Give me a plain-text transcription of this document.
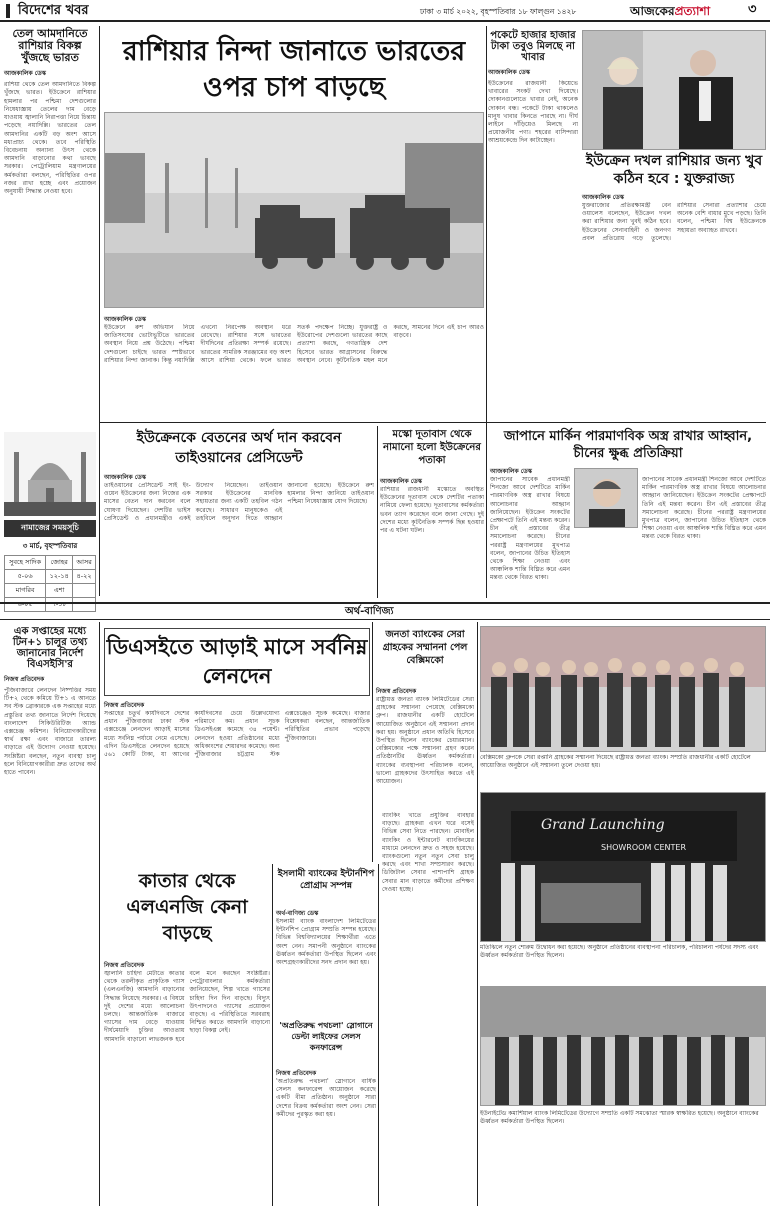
বিদেশের খবর	ঢাকা ৩ মার্চ ২০২২, বৃহস্পতিবার ১৮ ফাল্গুন ১৪২৮	আজকেরপ্রত্যাশা	৩
তেল আমদানিতে রাশিয়ার বিকল্প খুঁজছে ভারত
আজকালিক ডেস্ক
রাশিয়া থেকে তেল আমদানিতে বিকল্প খুঁজছে ভারত। ইউক্রেনে রাশিয়ার হামলার পর পশ্চিমা দেশগুলোর নিষেধাজ্ঞায় তেলের দাম বেড়ে যাওয়ায় জ্বালানি নিরাপত্তা নিয়ে চিন্তায় পড়েছে নয়াদিল্লি। ভারতের তেল আমদানির একটি বড় অংশ আসে মধ্যপ্রাচ্য থেকে। তবে পরিস্থিতি বিবেচনায় অন্যান্য উৎস থেকে আমদানি বাড়ানোর কথা ভাবছে সরকার। পেট্রোলিয়াম মন্ত্রণালয়ের কর্মকর্তারা বলছেন, পরিস্থিতির ওপর নজর রাখা হচ্ছে এবং প্রয়োজন অনুযায়ী সিদ্ধান্ত নেওয়া হবে।
নামাজের সময়সূচি
৩ মার্চ, বৃহস্পতিবার
সুবহে সাদিক	জোহর	আসর
৫-০৬	১২-১৪	৪-২২
মাগরিব	এশা	
৬-০৫	৭-১৮	
রাশিয়ার নিন্দা জানাতে ভারতের ওপর চাপ বাড়ছে
আজকালিক ডেস্ক
ইউক্রেনে রুশ অভিযান নিয়ে জাতিসংঘের ভোটাভুটিতে ভারতের অবস্থান নিয়ে প্রশ্ন উঠেছে। পশ্চিমা দেশগুলো চাইছে ভারত স্পষ্টভাবে রাশিয়ার নিন্দা জানাক। কিন্তু নয়াদিল্লি এখনো নিরপেক্ষ অবস্থান ধরে রেখেছে। রাশিয়ার সঙ্গে ভারতের দীর্ঘদিনের প্রতিরক্ষা সম্পর্ক রয়েছে। ভারতের সামরিক সরঞ্জামের বড় অংশ আসে রাশিয়া থেকে। ফলে ভারত সতর্ক পদক্ষেপ নিচ্ছে। যুক্তরাষ্ট্র ও ইউরোপের দেশগুলো ভারতের কাছে প্রত্যাশা করছে, গণতান্ত্রিক দেশ হিসেবে ভারত আগ্রাসনের বিরুদ্ধে অবস্থান নেবে। কূটনৈতিক মহল মনে করছে, সামনের দিনে এই চাপ আরও বাড়বে।
পকেটে হাজার হাজার টাকা তবুও মিলছে না খাবার
আজকালিক ডেস্ক
ইউক্রেনের রাজধানী কিয়েভে খাবারের সংকট দেখা দিয়েছে। দোকানগুলোতে খাবার নেই, অনেক দোকান বন্ধ। পকেটে টাকা থাকলেও মানুষ খাবার কিনতে পারছে না। দীর্ঘ লাইনে দাঁড়িয়েও মিলছে না প্রয়োজনীয় পণ্য। শহরের বাসিন্দারা আশ্রয়কেন্দ্রে দিন কাটাচ্ছেন।
ইউক্রেন দখল রাশিয়ার জন্য খুব কঠিন হবে : যুক্তরাজ্য
আজকালিক ডেস্ক
যুক্তরাজ্যের প্রতিরক্ষামন্ত্রী বেন ওয়ালেস বলেছেন, ইউক্রেন দখল করা রাশিয়ার জন্য খুবই কঠিন হবে। ইউক্রেনের সেনাবাহিনী ও জনগণ প্রবল প্রতিরোধ গড়ে তুলেছে। রাশিয়ার সেনারা প্রত্যাশার চেয়ে অনেক বেশি বাধার মুখে পড়ছে। তিনি বলেন, পশ্চিমা বিশ্ব ইউক্রেনকে সহায়তা অব্যাহত রাখবে।
ইউক্রেনকে বেতনের অর্থ দান করবেন তাইওয়ানের প্রেসিডেন্ট
আজকালিক ডেস্ক
তাইওয়ানের প্রেসিডেন্ট সাই ইং-ওয়েন ইউক্রেনের জন্য নিজের এক মাসের বেতন দান করবেন বলে ঘোষণা দিয়েছেন। দেশটির ভাইস প্রেসিডেন্ট ও প্রধানমন্ত্রীও একই উদ্যোগ নিয়েছেন। তাইওয়ান সরকার ইউক্রেনের মানবিক সহায়তার জন্য একটি তহবিল গঠন করেছে। সাধারণ মানুষকেও এই তহবিলে অনুদান দিতে আহ্বান জানানো হয়েছে। ইউক্রেনে রুশ হামলার নিন্দা জানিয়ে তাইওয়ান পশ্চিমা নিষেধাজ্ঞায় যোগ দিয়েছে।
মস্কো দূতাবাস থেকে নামানো হলো ইউক্রেনের পতাকা
আজকালিক ডেস্ক
রাশিয়ার রাজধানী মস্কোতে অবস্থিত ইউক্রেনের দূতাবাস থেকে দেশটির পতাকা নামিয়ে ফেলা হয়েছে। দূতাবাসের কর্মকর্তারা ভবন ত্যাগ করেছেন বলে জানা গেছে। দুই দেশের মধ্যে কূটনৈতিক সম্পর্ক ছিন্ন হওয়ার পর এ ঘটনা ঘটল।
জাপানে মার্কিন পারমাণবিক অস্ত্র রাখার আহ্বান, চীনের ক্ষুব্ধ প্রতিক্রিয়া
আজকালিক ডেস্ক
জাপানের সাবেক প্রধানমন্ত্রী শিনজো আবে দেশটিতে মার্কিন পারমাণবিক অস্ত্র রাখার বিষয়ে আলোচনার আহ্বান জানিয়েছেন। ইউক্রেন সংকটের প্রেক্ষাপটে তিনি এই মন্তব্য করেন। চীন এই প্রস্তাবের তীব্র সমালোচনা করেছে। চীনের পররাষ্ট্র মন্ত্রণালয়ের মুখপাত্র বলেন, জাপানের উচিত ইতিহাস থেকে শিক্ষা নেওয়া এবং আঞ্চলিক শান্তি বিঘ্নিত করে এমন মন্তব্য থেকে বিরত থাকা।
জাপানের সাবেক প্রধানমন্ত্রী শিনজো আবে দেশটিতে মার্কিন পারমাণবিক অস্ত্র রাখার বিষয়ে আলোচনার আহ্বান জানিয়েছেন। ইউক্রেন সংকটের প্রেক্ষাপটে তিনি এই মন্তব্য করেন। চীন এই প্রস্তাবের তীব্র সমালোচনা করেছে। চীনের পররাষ্ট্র মন্ত্রণালয়ের মুখপাত্র বলেন, জাপানের উচিত ইতিহাস থেকে শিক্ষা নেওয়া এবং আঞ্চলিক শান্তি বিঘ্নিত করে এমন মন্তব্য থেকে বিরত থাকা।
অর্থ-বাণিজ্য
এক সপ্তাহের মধ্যে টিন+১ চালুর তথ্য জানানোর নির্দেশ বিএসইসি'র
নিজস্ব প্রতিবেদক
পুঁজিবাজারে লেনদেন নিষ্পত্তির সময় টি+২ থেকে কমিয়ে টি+১ এ আনতে সব স্টক ব্রোকারকে এক সপ্তাহের মধ্যে প্রস্তুতির তথ্য জানাতে নির্দেশ দিয়েছে বাংলাদেশ সিকিউরিটিজ অ্যান্ড এক্সচেঞ্জ কমিশন। বিনিয়োগকারীদের স্বার্থ রক্ষা এবং বাজারে তারল্য বাড়াতে এই উদ্যোগ নেওয়া হয়েছে। সংশ্লিষ্টরা বলছেন, নতুন ব্যবস্থা চালু হলে বিনিয়োগকারীরা দ্রুত তাদের অর্থ হাতে পাবেন।
ডিএসইতে আড়াই মাসে সর্বনিম্ন লেনদেন
নিজস্ব প্রতিবেদক
সপ্তাহের চতুর্থ কার্যদিবসে দেশের প্রধান পুঁজিবাজার ঢাকা স্টক এক্সচেঞ্জে লেনদেন আড়াই মাসের মধ্যে সর্বনিম্ন পর্যায়ে নেমে এসেছে। এদিন ডিএসইতে লেনদেন হয়েছে ৫৬১ কোটি টাকা, যা আগের কার্যদিবসের চেয়ে উল্লেখযোগ্য পরিমাণে কম। প্রধান সূচক ডিএসইএক্স কমেছে ৩৪ পয়েন্ট। লেনদেন হওয়া প্রতিষ্ঠানের মধ্যে অধিকাংশের শেয়ারদর কমেছে। অন্য পুঁজিবাজার চট্টগ্রাম স্টক এক্সচেঞ্জেও সূচক কমেছে। বাজার বিশ্লেষকরা বলছেন, আন্তর্জাতিক পরিস্থিতির প্রভাব পড়েছে পুঁজিবাজারে।
কাতার থেকে এলএনজি কেনা বাড়ছে
নিজস্ব প্রতিবেদক
জ্বালানি চাহিদা মেটাতে কাতার থেকে তরলীকৃত প্রাকৃতিক গ্যাস (এলএনজি) আমদানি বাড়ানোর সিদ্ধান্ত নিয়েছে সরকার। এ বিষয়ে দুই দেশের মধ্যে আলোচনা চলছে। আন্তর্জাতিক বাজারে গ্যাসের দাম বেড়ে যাওয়ায় দীর্ঘমেয়াদি চুক্তির আওতায় আমদানি বাড়ানো লাভজনক হবে বলে মনে করছেন সংশ্লিষ্টরা। পেট্রোবাংলার কর্মকর্তারা জানিয়েছেন, শিল্প খাতে গ্যাসের চাহিদা দিন দিন বাড়ছে। বিদ্যুৎ উৎপাদনেও গ্যাসের প্রয়োজন বাড়ছে। এ পরিস্থিতিতে সরবরাহ নিশ্চিত করতে আমদানি বাড়ানো ছাড়া বিকল্প নেই।
ইসলামী ব্যাংকের ইন্টার্নশিপ প্রোগ্রাম সম্পন্ন
অর্থ-বাণিজ্য ডেস্ক
ইসলামী ব্যাংক বাংলাদেশ লিমিটেডের ইন্টার্নশিপ প্রোগ্রাম সম্প্রতি সম্পন্ন হয়েছে। বিভিন্ন বিশ্ববিদ্যালয়ের শিক্ষার্থীরা এতে অংশ নেন। সমাপনী অনুষ্ঠানে ব্যাংকের ঊর্ধ্বতন কর্মকর্তারা উপস্থিত ছিলেন এবং অংশগ্রহণকারীদের সনদ প্রদান করা হয়।
'অপ্রতিরুদ্ধ পথচলা' স্লোগানে ডেল্টা লাইফের সেলস কনফারেন্স
নিজস্ব প্রতিবেদক
'অপ্রতিরুদ্ধ পথচলা' স্লোগানে বার্ষিক সেলস কনফারেন্স আয়োজন করেছে একটি বীমা প্রতিষ্ঠান। অনুষ্ঠানে সারা দেশের বিক্রয় কর্মকর্তারা অংশ নেন। সেরা কর্মীদের পুরস্কৃত করা হয়।
জনতা ব্যাংকের সেরা গ্রাহকের সম্মাননা পেল বেক্সিমকো
নিজস্ব প্রতিবেদক
রাষ্ট্রায়ত্ত জনতা ব্যাংক লিমিটেডের সেরা গ্রাহকের সম্মাননা পেয়েছে বেক্সিমকো গ্রুপ। রাজধানীর একটি হোটেলে আয়োজিত অনুষ্ঠানে এই সম্মাননা প্রদান করা হয়। অনুষ্ঠানে প্রধান অতিথি হিসেবে উপস্থিত ছিলেন ব্যাংকের চেয়ারম্যান। বেক্সিমকোর পক্ষে সম্মাননা গ্রহণ করেন প্রতিষ্ঠানটির ঊর্ধ্বতন কর্মকর্তারা। ব্যাংকের ব্যবস্থাপনা পরিচালক বলেন, ভালো গ্রাহকদের উৎসাহিত করতে এই আয়োজন।
ব্যাংকিং খাতে প্রযুক্তির ব্যবহার বাড়ছে। গ্রাহকরা এখন ঘরে বসেই বিভিন্ন সেবা নিতে পারছেন। মোবাইল ব্যাংকিং ও ইন্টারনেট ব্যাংকিংয়ের মাধ্যমে লেনদেন দ্রুত ও সহজ হয়েছে। ব্যাংকগুলো নতুন নতুন সেবা চালু করছে এবং শাখা সম্প্রসারণ করছে। ডিজিটাল সেবার পাশাপাশি গ্রাহক সেবার মান বাড়াতে কর্মীদের প্রশিক্ষণ দেওয়া হচ্ছে।
বেক্সিমকো গ্রুপকে সেরা রপ্তানি গ্রাহকের সম্মাননা দিয়েছে রাষ্ট্রায়ত্ত জনতা ব্যাংক। সম্প্রতি রাজধানীর একটি হোটেলে আয়োজিত অনুষ্ঠানে এই সম্মাননা তুলে দেওয়া হয়।
Grand Launching
SHOWROOM CENTER
মতিঝিলে নতুন শোরুম উদ্বোধন করা হয়েছে। অনুষ্ঠানে প্রতিষ্ঠানের ব্যবস্থাপনা পরিচালক, পরিচালনা পর্ষদের সদস্য এবং ঊর্ধ্বতন কর্মকর্তারা উপস্থিত ছিলেন।
ইউনাইটেড কমার্শিয়াল ব্যাংক লিমিটেডের উদ্যোগে সম্প্রতি একটি সমঝোতা স্মারক স্বাক্ষরিত হয়েছে। অনুষ্ঠানে ব্যাংকের ঊর্ধ্বতন কর্মকর্তারা উপস্থিত ছিলেন।
